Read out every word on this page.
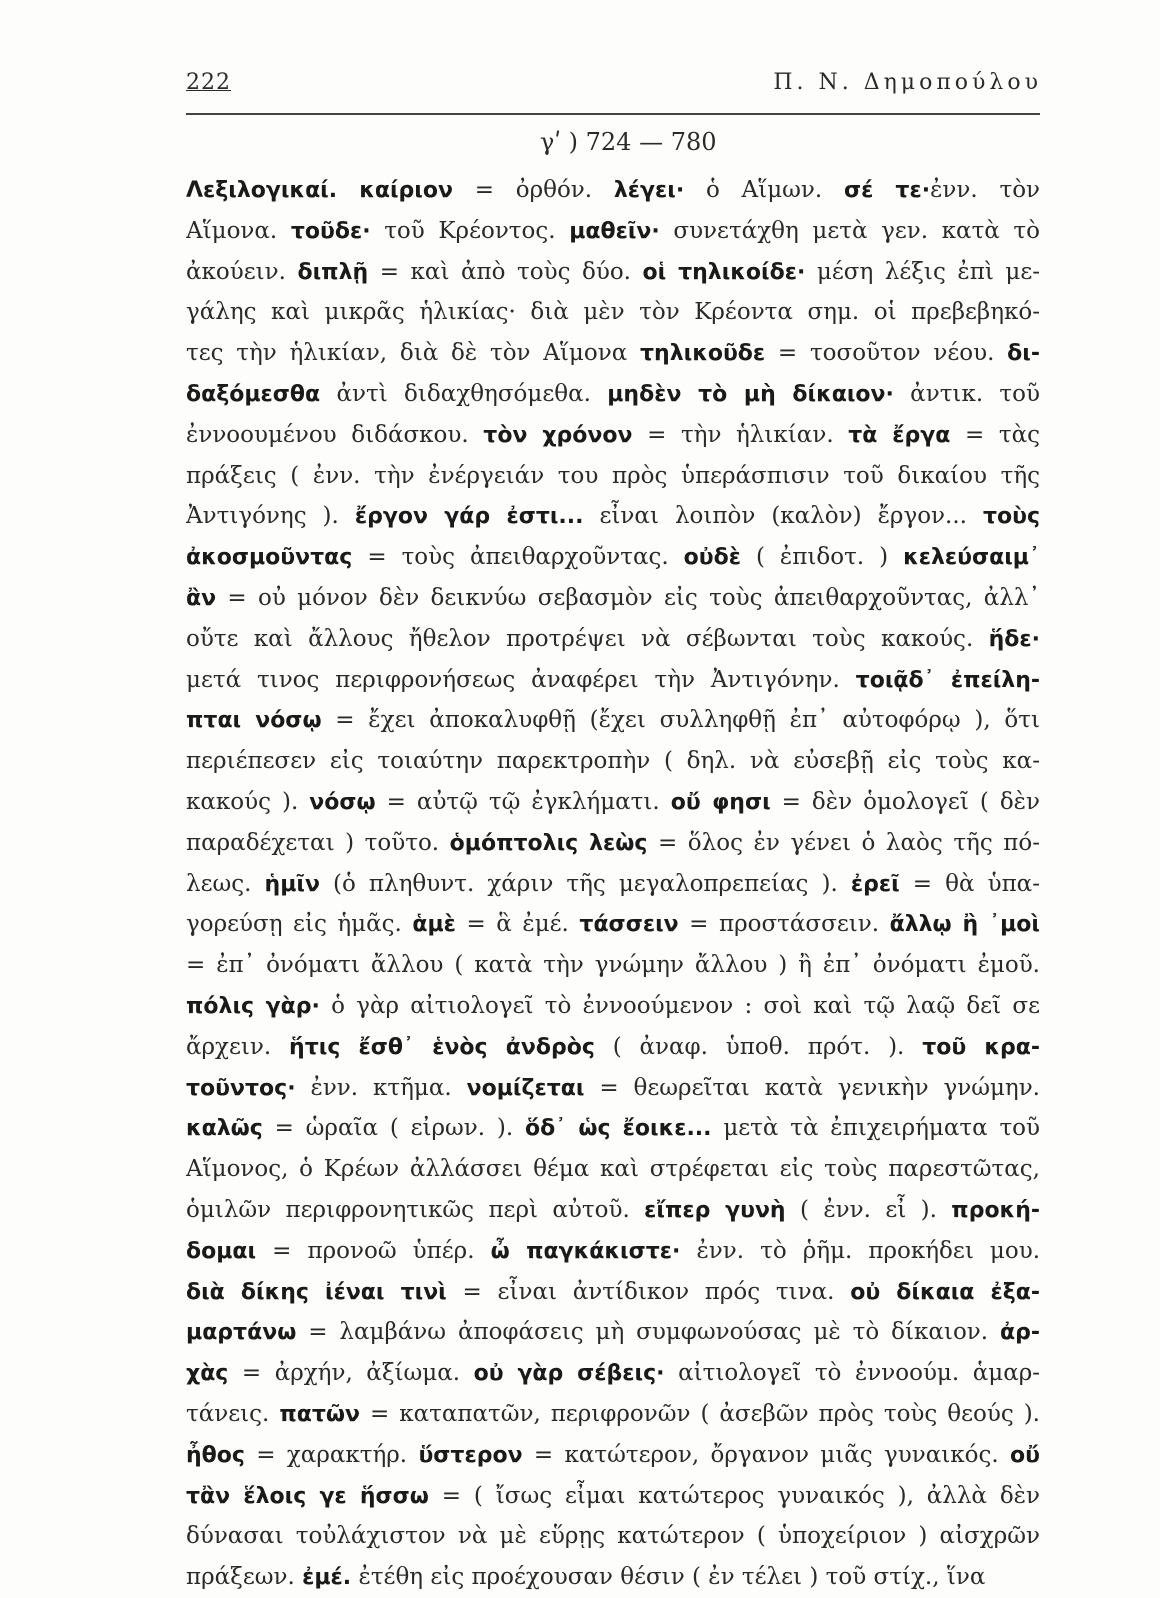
222	Π. Ν. Δημοπούλου
γʹ ) 724 — 780
Λεξιλογικαί. καίριον = ὀρθόν. λέγει· ὁ Αἵμων. σέ τε·ἐνν. τὸν
Αἵμονα. τοῦδε· τοῦ Κρέοντος. μαθεῖν· συνετάχθη μετὰ γεν. κατὰ τὸ
ἀκούειν. διπλῇ = καὶ ἀπὸ τοὺς δύο. οἱ τηλικοίδε· μέση λέξις ἐπὶ με-
γάλης καὶ μικρᾶς ἡλικίας· διὰ μὲν τὸν Κρέοντα σημ. οἱ πρεβεβηκό-
τες τὴν ἡλικίαν, διὰ δὲ τὸν Αἵμονα τηλικοῦδε = τοσοῦτον νέου. δι-
δαξόμεσθα ἀντὶ διδαχθησόμεθα. μηδὲν τὸ μὴ δίκαιον· ἀντικ. τοῦ
ἐννοουμένου διδάσκου. τὸν χρόνον = τὴν ἡλικίαν. τὰ ἔργα = τὰς
πράξεις ( ἐνν. τὴν ἐνέργειάν του πρὸς ὑπεράσπισιν τοῦ δικαίου τῆς
Ἀντιγόνης ). ἔργον γάρ ἐστι... εἶναι λοιπὸν (καλὸν) ἔργον... τοὺς
ἀκοσμοῦντας = τοὺς ἀπειθαρχοῦντας. οὐδὲ ( ἐπιδοτ. ) κελεύσαιμ᾽
ἂν = οὐ μόνον δὲν δεικνύω σεβασμὸν εἰς τοὺς ἀπειθαρχοῦντας, ἀλλ᾽
οὔτε καὶ ἄλλους ἤθελον προτρέψει νὰ σέβωνται τοὺς κακούς. ἥδε·
μετά τινος περιφρονήσεως ἀναφέρει τὴν Ἀντιγόνην. τοιᾷδ᾽ ἐπείλη-
πται νόσῳ = ἔχει ἀποκαλυφθῇ (ἔχει συλληφθῇ ἐπ᾽ αὐτοφόρῳ ), ὅτι
περιέπεσεν εἰς τοιαύτην παρεκτροπὴν ( δηλ. νὰ εὐσεβῇ εἰς τοὺς κα-
κακούς ). νόσῳ = αὐτῷ τῷ ἐγκλήματι. οὔ φησι = δὲν ὁμολογεῖ ( δὲν
παραδέχεται ) τοῦτο. ὁμόπτολις λεὼς = ὅλος ἐν γένει ὁ λαὸς τῆς πό-
λεως. ἡμῖν (ὁ πληθυντ. χάριν τῆς μεγαλοπρεπείας ). ἐρεῖ = θὰ ὑπα-
γορεύσῃ εἰς ἡμᾶς. ἁμὲ = ἃ ἐμέ. τάσσειν = προστάσσειν. ἄλλῳ ἢ ᾽μοὶ
= ἐπ᾽ ὀνόματι ἄλλου ( κατὰ τὴν γνώμην ἄλλου ) ἢ ἐπ᾽ ὀνόματι ἐμοῦ.
πόλις γὰρ· ὁ γὰρ αἰτιολογεῖ τὸ ἐννοούμενον : σοὶ καὶ τῷ λαῷ δεῖ σε
ἄρχειν. ἥτις ἔσθ᾽ ἑνὸς ἀνδρὸς ( ἀναφ. ὑποθ. πρότ. ). τοῦ κρα-
τοῦντος· ἐνν. κτῆμα. νομίζεται = θεωρεῖται κατὰ γενικὴν γνώμην.
καλῶς = ὡραῖα ( εἰρων. ). ὅδ᾽ ὡς ἔοικε... μετὰ τὰ ἐπιχειρήματα τοῦ
Αἵμονος, ὁ Κρέων ἀλλάσσει θέμα καὶ στρέφεται εἰς τοὺς παρεστῶτας,
ὁμιλῶν περιφρονητικῶς περὶ αὐτοῦ. εἴπερ γυνὴ ( ἐνν. εἶ ). προκή-
δομαι = προνοῶ ὑπέρ. ὦ παγκάκιστε· ἐνν. τὸ ῥῆμ. προκήδει μου.
διὰ δίκης ἰέναι τινὶ = εἶναι ἀντίδικον πρός τινα. οὐ δίκαια ἐξα-
μαρτάνω = λαμβάνω ἀποφάσεις μὴ συμφωνούσας μὲ τὸ δίκαιον. ἀρ-
χὰς = ἀρχήν, ἀξίωμα. οὐ γὰρ σέβεις· αἰτιολογεῖ τὸ ἐννοούμ. ἁμαρ-
τάνεις. πατῶν = καταπατῶν, περιφρονῶν ( ἀσεβῶν πρὸς τοὺς θεούς ).
ἦθος = χαρακτήρ. ὕστερον = κατώτερον, ὄργανον μιᾶς γυναικός. οὔ
τἂν ἕλοις γε ἥσσω = ( ἴσως εἶμαι κατώτερος γυναικός ), ἀλλὰ δὲν
δύνασαι τοὐλάχιστον νὰ μὲ εὕρῃς κατώτερον ( ὑποχείριον ) αἰσχρῶν
πράξεων. ἐμέ. ἐτέθη εἰς προέχουσαν θέσιν ( ἐν τέλει ) τοῦ στίχ., ἵνα
